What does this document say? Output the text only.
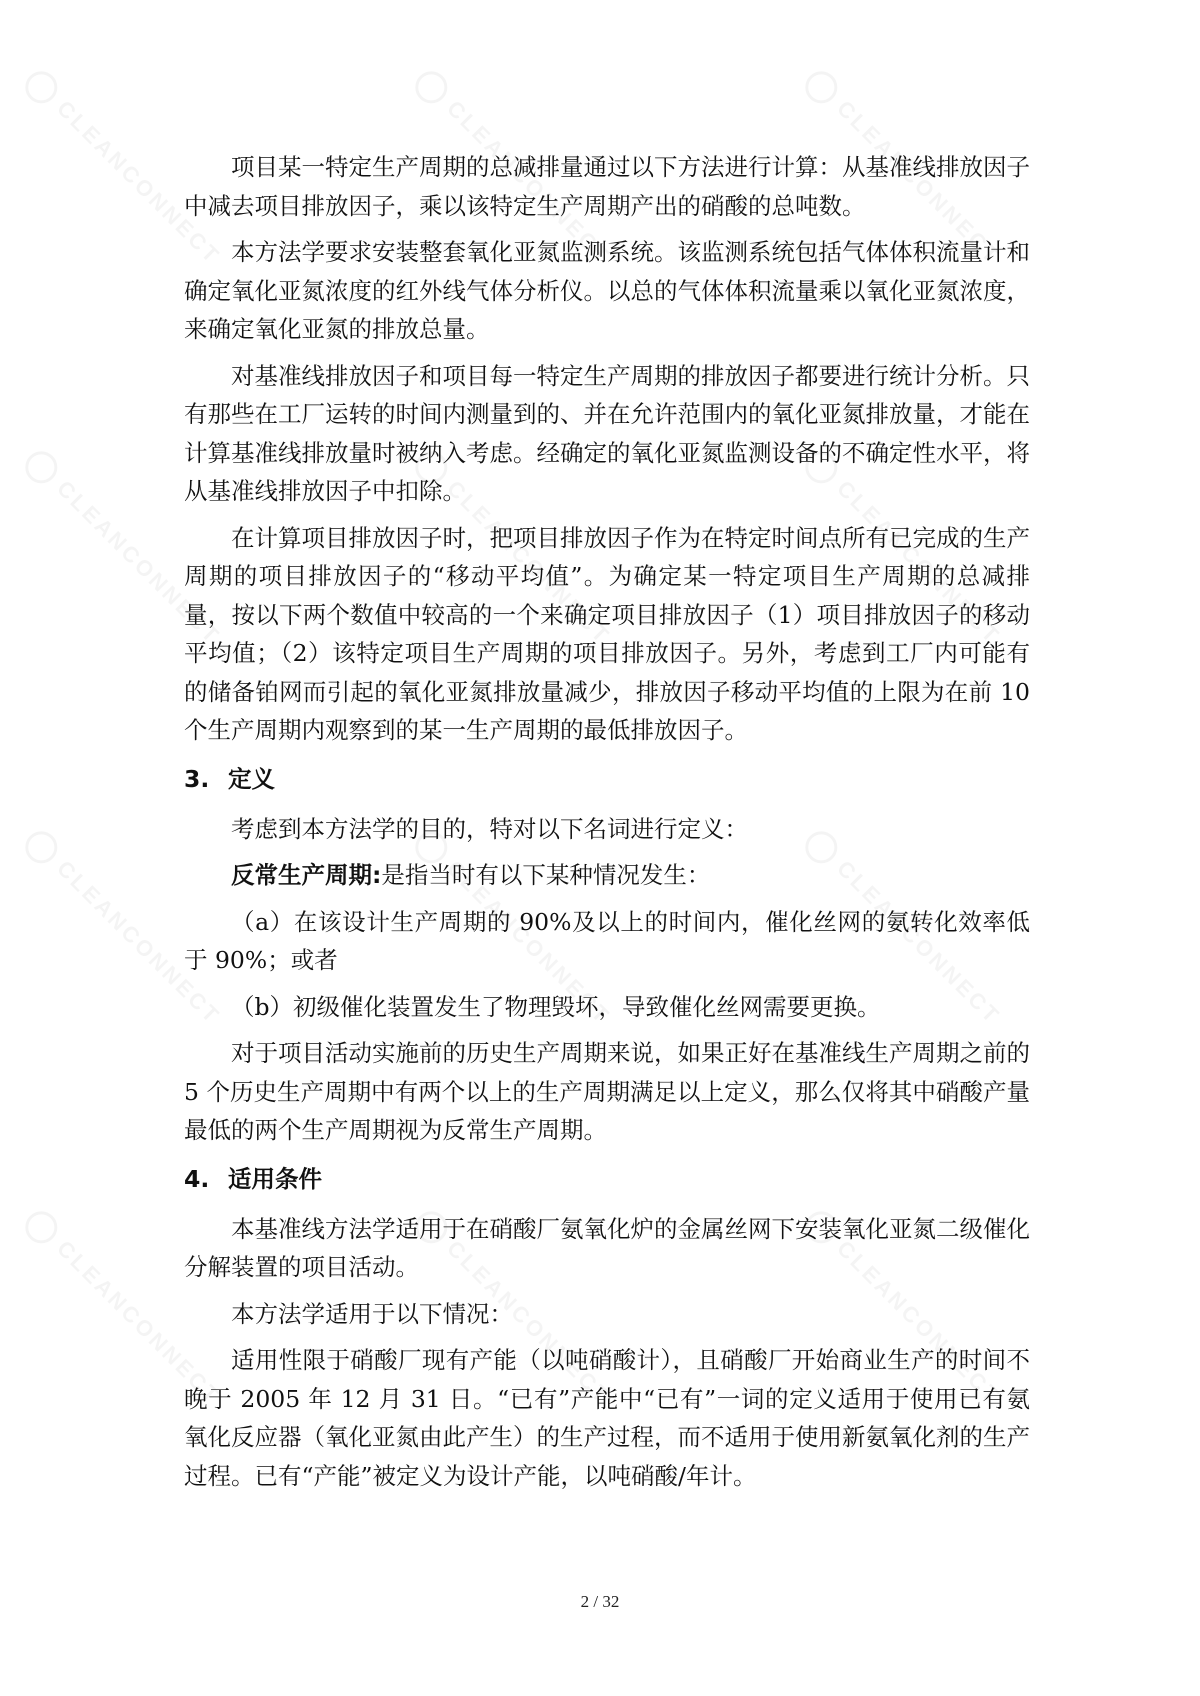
项目某一特定生产周期的总减排量通过以下方法进行计算：从基准线排放因子中减去项目排放因子，乘以该特定生产周期产出的硝酸的总吨数。

本方法学要求安装整套氧化亚氮监测系统。该监测系统包括气体体积流量计和确定氧化亚氮浓度的红外线气体分析仪。以总的气体体积流量乘以氧化亚氮浓度，来确定氧化亚氮的排放总量。

对基准线排放因子和项目每一特定生产周期的排放因子都要进行统计分析。只有那些在工厂运转的时间内测量到的、并在允许范围内的氧化亚氮排放量，才能在计算基准线排放量时被纳入考虑。经确定的氧化亚氮监测设备的不确定性水平，将从基准线排放因子中扣除。

在计算项目排放因子时，把项目排放因子作为在特定时间点所有已完成的生产周期的项目排放因子的“移动平均值”。为确定某一特定项目生产周期的总减排量，按以下两个数值中较高的一个来确定项目排放因子（1）项目排放因子的移动平均值；（2）该特定项目生产周期的项目排放因子。另外，考虑到工厂内可能有的储备铂网而引起的氧化亚氮排放量减少，排放因子移动平均值的上限为在前 10 个生产周期内观察到的某一生产周期的最低排放因子。

3. 定义

考虑到本方法学的目的，特对以下名词进行定义：

反常生产周期:是指当时有以下某种情况发生：

（a）在该设计生产周期的 90%及以上的时间内，催化丝网的氨转化效率低于 90%；或者

（b）初级催化装置发生了物理毁坏，导致催化丝网需要更换。

对于项目活动实施前的历史生产周期来说，如果正好在基准线生产周期之前的 5 个历史生产周期中有两个以上的生产周期满足以上定义，那么仅将其中硝酸产量最低的两个生产周期视为反常生产周期。

4. 适用条件

本基准线方法学适用于在硝酸厂氨氧化炉的金属丝网下安装氧化亚氮二级催化分解装置的项目活动。

本方法学适用于以下情况：

适用性限于硝酸厂现有产能（以吨硝酸计），且硝酸厂开始商业生产的时间不晚于 2005 年 12 月 31 日。“已有”产能中“已有”一词的定义适用于使用已有氨氧化反应器（氧化亚氮由此产生）的生产过程，而不适用于使用新氨氧化剂的生产过程。已有“产能”被定义为设计产能，以吨硝酸/年计。

2 / 32
